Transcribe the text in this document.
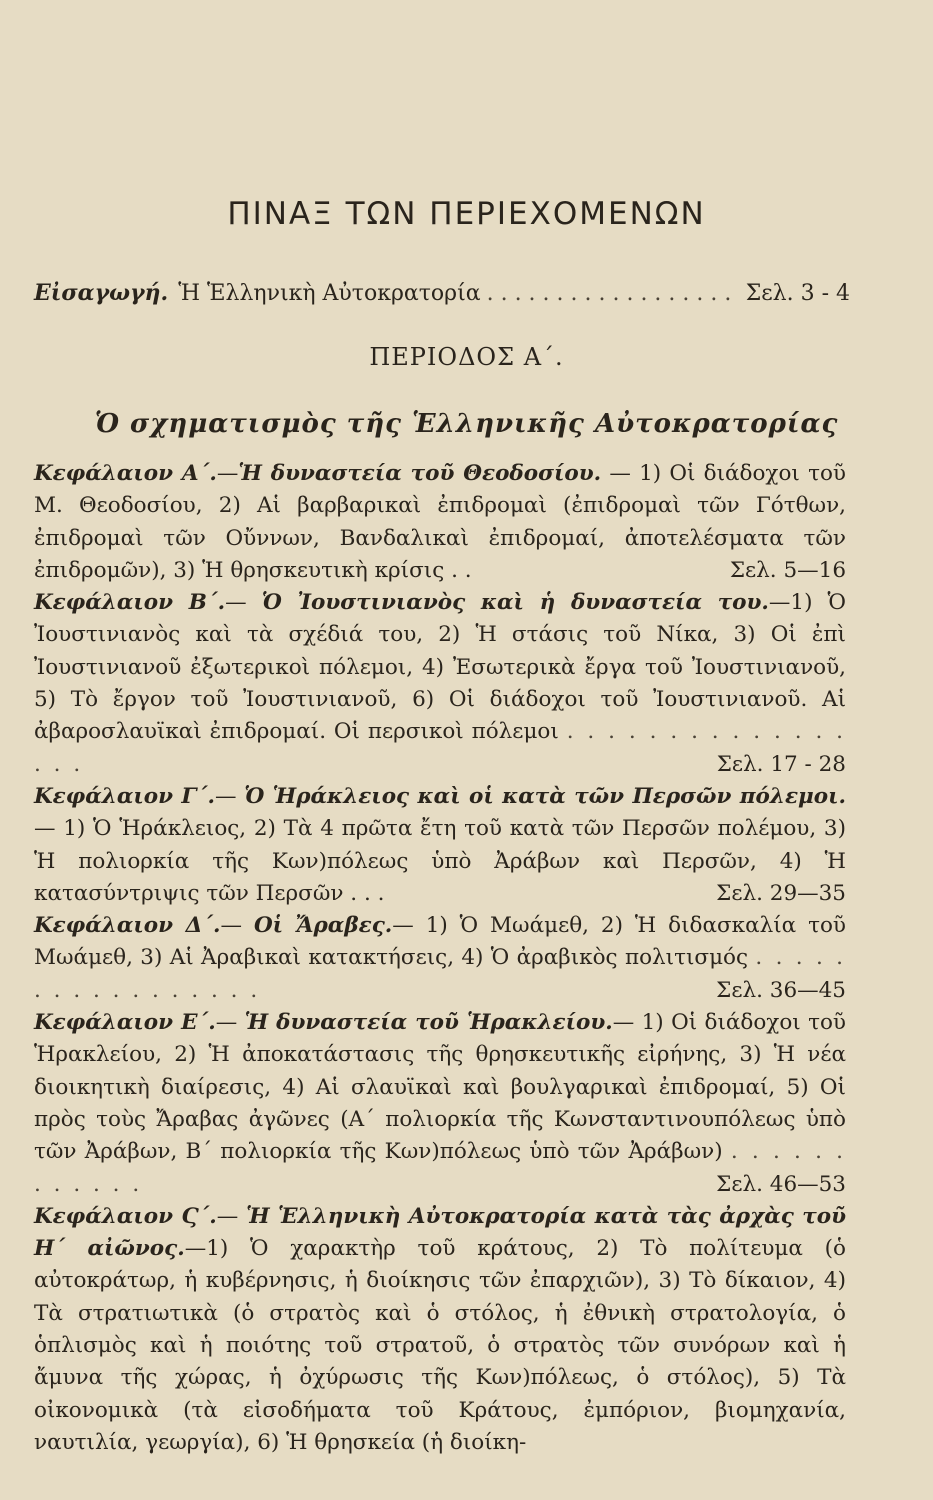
ΠΙΝΑΞ ΤΩΝ ΠΕΡΙΕΧΟΜΕΝΩΝ
Εἰσαγωγή. Ἡ Ἑλληνικὴ Αὐτοκρατορία
. . .	Σελ. 3 - 4
ΠΕΡΙΟΔΟΣ Α΄.
Ὁ σχηματισμὸς τῆς Ἑλληνικῆς Αὐτοκρατορίας
Κεφάλαιον Α΄.—Ἡ δυναστεία τοῦ Θεοδοσίου. — 1) Οἱ διάδοχοι τοῦ Μ. Θεοδοσίου, 2) Αἱ βαρβαρικαὶ ἐπιδρομαὶ (ἐπιδρομαὶ τῶν Γότθων, ἐπιδρομαὶ τῶν Οὔννων, Βανδαλικαὶ ἐπιδρομαί, ἀποτελέσματα τῶν ἐπιδρομῶν), 3) Ἡ θρησκευτικὴ κρίσις . .	Σελ. 5—16
Κεφάλαιον Β΄.— Ὁ Ἰουστινιανὸς καὶ ἡ δυναστεία του.—1) Ὁ Ἰουστινιανὸς καὶ τὰ σχέδιά του, 2) Ἡ στάσις τοῦ Νίκα, 3) Οἱ ἐπὶ Ἰουστινιανοῦ ἐξωτερικοὶ πόλεμοι, 4) Ἐσωτερικὰ ἔργα τοῦ Ἰουστινιανοῦ, 5) Τὸ ἔργον τοῦ Ἰουστινιανοῦ, 6) Οἱ διάδοχοι τοῦ Ἰουστινιανοῦ. Αἱ ἀβαροσλαυϊκαὶ ἐπιδρομαί. Οἱ περσικοὶ πόλεμοι . . . . . . . . . . . . . . . . .	Σελ. 17 - 28
Κεφάλαιον Γ΄.— Ὁ Ἡράκλειος καὶ οἱ κατὰ τῶν Περσῶν πόλεμοι.— 1) Ὁ Ἡράκλειος, 2) Τὰ 4 πρῶτα ἔτη τοῦ κατὰ τῶν Περσῶν πολέμου, 3) Ἡ πολιορκία τῆς Κων)πόλεως ὑπὸ Ἀράβων καὶ Περσῶν, 4) Ἡ κατασύντριψις τῶν Περσῶν . . .	Σελ. 29—35
Κεφάλαιον Δ΄.— Οἱ Ἄραβες.— 1) Ὁ Μωάμεθ, 2) Ἡ διδασκαλία τοῦ Μωάμεθ, 3) Αἱ Ἀραβικαὶ κατακτήσεις, 4) Ὁ ἀραβικὸς πολιτισμός . . . . . . . . . . . . . . . . .	Σελ. 36—45
Κεφάλαιον Ε΄.— Ἡ δυναστεία τοῦ Ἡρακλείου.— 1) Οἱ διάδοχοι τοῦ Ἡρακλείου, 2) Ἡ ἀποκατάστασις τῆς θρησκευτικῆς εἰρήνης, 3) Ἡ νέα διοικητικὴ διαίρεσις, 4) Αἱ σλαυϊκαὶ καὶ βουλγαρικαὶ ἐπιδρομαί, 5) Οἱ πρὸς τοὺς Ἄραβας ἀγῶνες (Α΄ πολιορκία τῆς Κωνσταντινουπόλεως ὑπὸ τῶν Ἀράβων, Β΄ πολιορκία τῆς Κων)πόλεως ὑπὸ τῶν Ἀράβων) . . . . . . . . . . . .	Σελ. 46—53
Κεφάλαιον Ϛ΄.— Ἡ Ἑλληνικὴ Αὐτοκρατορία κατὰ τὰς ἀρχὰς τοῦ Η΄ αἰῶνος.—1) Ὁ χαρακτὴρ τοῦ κράτους, 2) Τὸ πολίτευμα (ὁ αὐτοκράτωρ, ἡ κυβέρνησις, ἡ διοίκησις τῶν ἐπαρχιῶν), 3) Τὸ δίκαιον, 4) Τὰ στρατιωτικὰ (ὁ στρατὸς καὶ ὁ στόλος, ἡ ἐθνικὴ στρατολογία, ὁ ὁπλισμὸς καὶ ἡ ποιότης τοῦ στρατοῦ, ὁ στρατὸς τῶν συνόρων καὶ ἡ ἄμυνα τῆς χώρας, ἡ ὀχύρωσις τῆς Κων)πόλεως, ὁ στόλος), 5) Τὰ οἰκονομικὰ (τὰ εἰσοδήματα τοῦ Κράτους, ἐμπόριον, βιομηχανία, ναυτιλία, γεωργία), 6) Ἡ θρησκεία (ἡ διοίκη-
